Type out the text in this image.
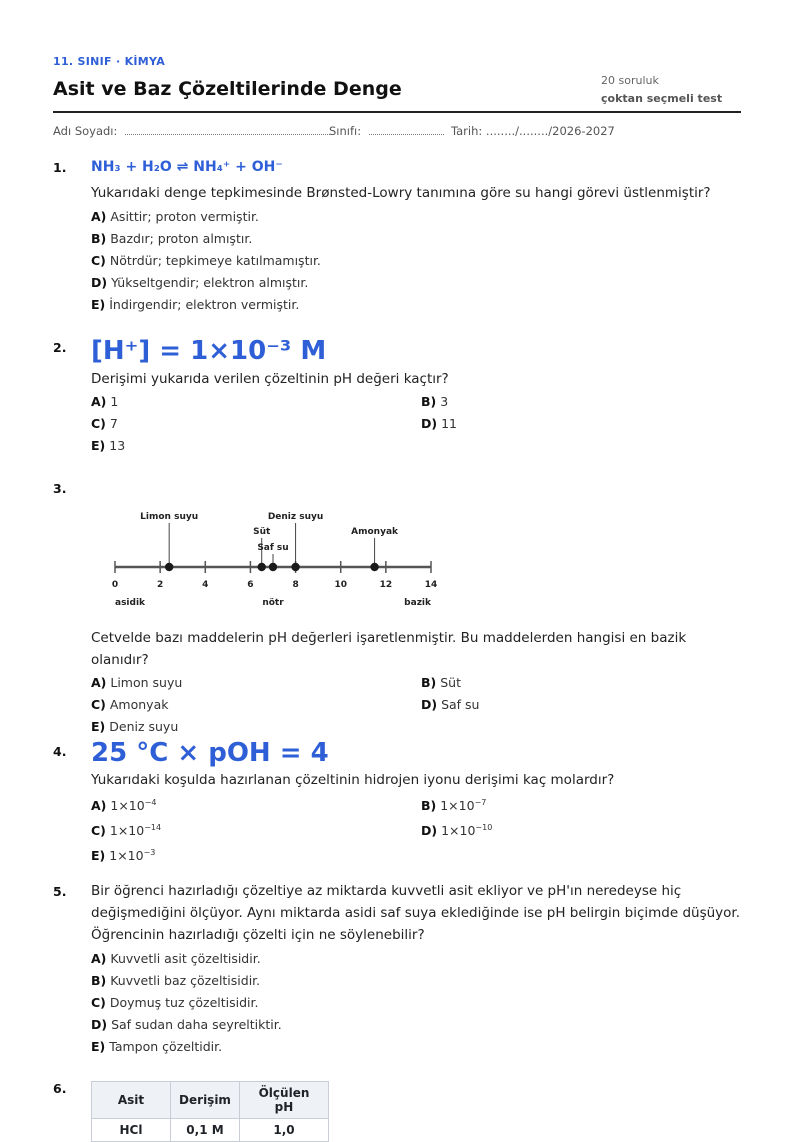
11. SINIF · KİMYA
Asit ve Baz Çözeltilerinde Denge	20 soruluk
çoktan seçmeli test
Adı Soyadı:	Sınıfı:	Tarih: ......../......../2026-2027
1. NH₃ + H₂O ⇌ NH₄⁺ + OH⁻
Yukarıdaki denge tepkimesinde Brønsted-Lowry tanımına göre su hangi görevi üstlenmiştir?
A) Asittir; proton vermiştir.
B) Bazdır; proton almıştır.
C) Nötrdür; tepkimeye katılmamıştır.
D) Yükseltgendir; elektron almıştır.
E) İndirgendir; elektron vermiştir.
2. [H⁺] = 1×10⁻³ M
Derişimi yukarıda verilen çözeltinin pH değeri kaçtır?
A) 1	B) 3
C) 7	D) 11
E) 13
3.
0	2	4	6	8	10	12	14
Limon suyu
Süt
Saf su
Deniz suyu
Amonyak
asidik	nötr	bazik
Cetvelde bazı maddelerin pH değerleri işaretlenmiştir. Bu maddelerden hangisi en bazik olanıdır?
A) Limon suyu	B) Süt
C) Amonyak	D) Saf su
E) Deniz suyu
4. 25 °C × pOH = 4
Yukarıdaki koşulda hazırlanan çözeltinin hidrojen iyonu derişimi kaç molardır?
A) $1\times 10^{-4}$	B) $1\times 10^{-7}$
C) $1\times 10^{-14}$	D) $1\times 10^{-10}$
E) $1\times 10^{-3}$
5. Bir öğrenci hazırladığı çözeltiye az miktarda kuvvetli asit ekliyor ve pH'ın neredeyse hiç değişmediğini ölçüyor. Aynı miktarda asidi saf suya eklediğinde ise pH belirgin biçimde düşüyor. Öğrencinin hazırladığı çözelti için ne söylenebilir?
A) Kuvvetli asit çözeltisidir.
B) Kuvvetli baz çözeltisidir.
C) Doymuş tuz çözeltisidir.
D) Saf sudan daha seyreltiktir.
E) Tampon çözeltidir.
6.
Asit	Derişim	Ölçülen pH
HCl	0,1 M	1,0
